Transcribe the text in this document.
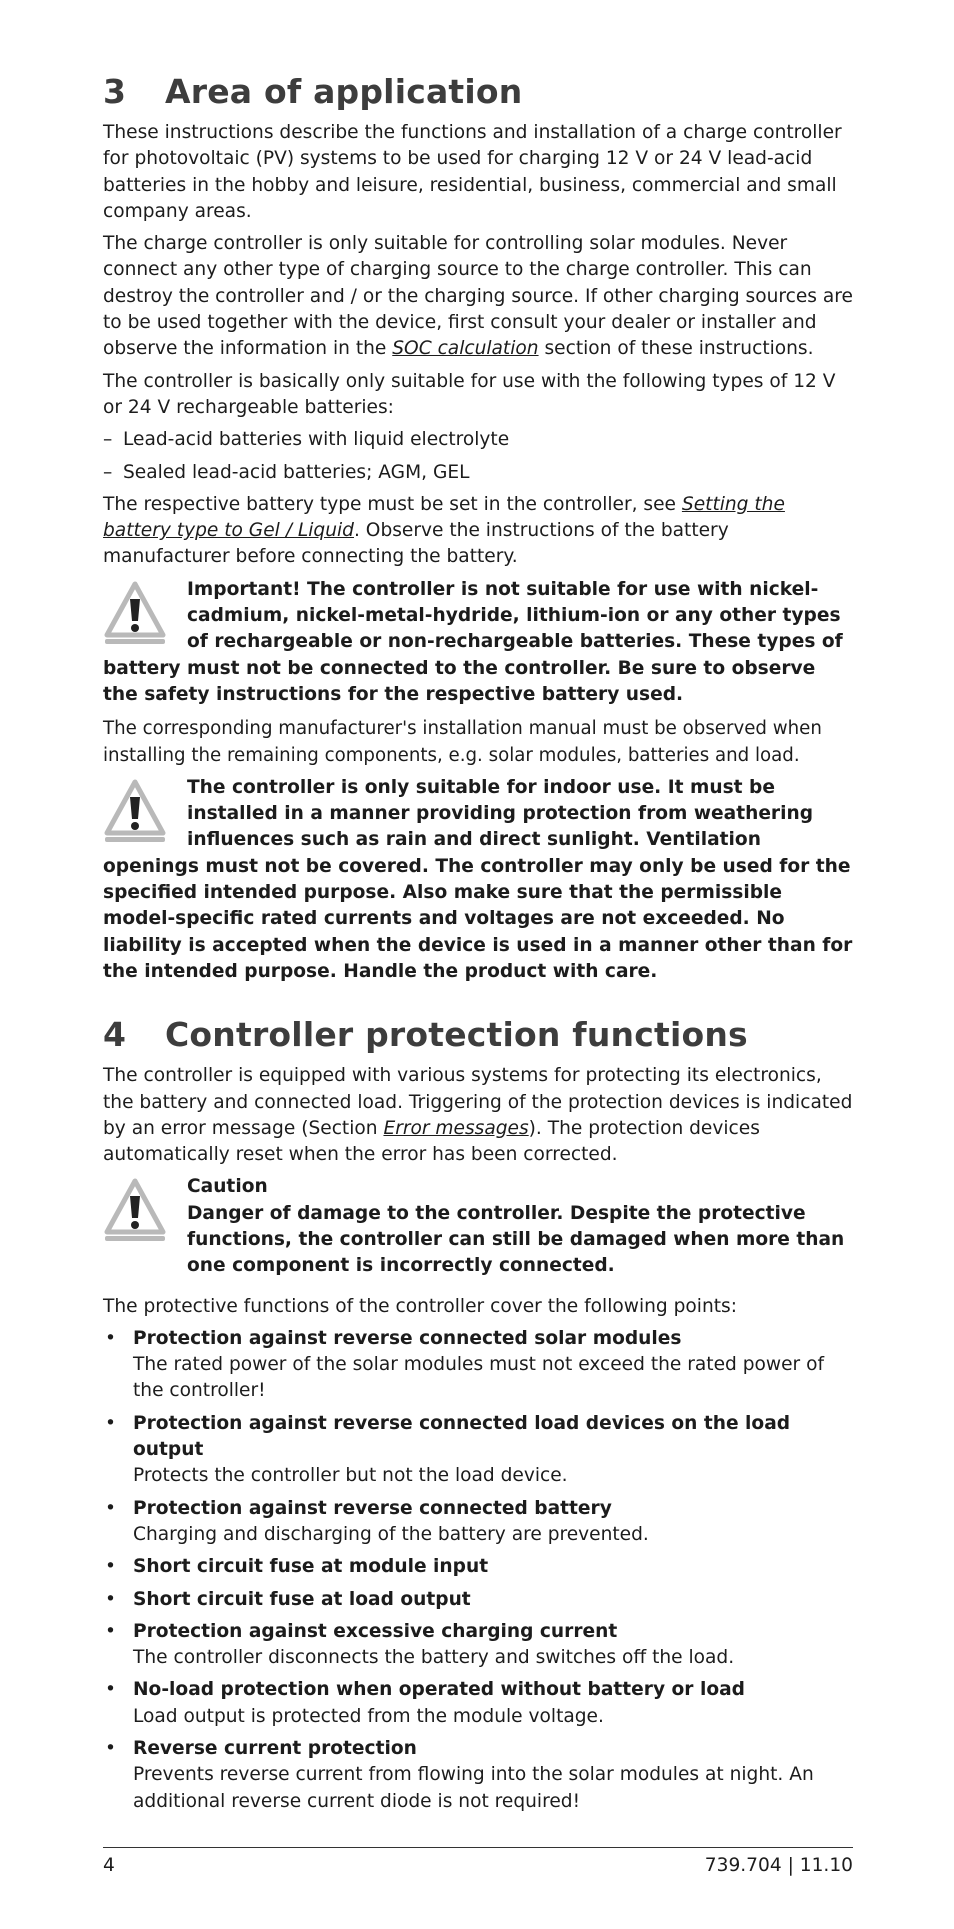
3 Area of application

These instructions describe the functions and installation of a charge controller for photovoltaic (PV) systems to be used for charging 12 V or 24 V lead-acid batteries in the hobby and leisure, residential, business, commercial and small company areas.

The charge controller is only suitable for controlling solar modules. Never connect any other type of charging source to the charge controller. This can destroy the controller and / or the charging source. If other charging sources are to be used together with the device, first consult your dealer or installer and observe the information in the SOC calculation section of these instructions.

The controller is basically only suitable for use with the following types of 12 V or 24 V rechargeable batteries:

– Lead-acid batteries with liquid electrolyte
– Sealed lead-acid batteries; AGM, GEL

The respective battery type must be set in the controller, see Setting the battery type to Gel / Liquid. Observe the instructions of the battery manufacturer before connecting the battery.

Important! The controller is not suitable for use with nickel-cadmium, nickel-metal-hydride, lithium-ion or any other types of rechargeable or non-rechargeable batteries. These types of battery must not be connected to the controller. Be sure to observe the safety instructions for the respective battery used.

The corresponding manufacturer's installation manual must be observed when installing the remaining components, e.g. solar modules, batteries and load.

The controller is only suitable for indoor use. It must be installed in a manner providing protection from weathering influences such as rain and direct sunlight. Ventilation openings must not be covered. The controller may only be used for the specified intended purpose. Also make sure that the permissible model-specific rated currents and voltages are not exceeded. No liability is accepted when the device is used in a manner other than for the intended purpose. Handle the product with care.
4 Controller protection functions

The controller is equipped with various systems for protecting its electronics, the battery and connected load. Triggering of the protection devices is indicated by an error message (Section Error messages). The protection devices automatically reset when the error has been corrected.

Caution
Danger of damage to the controller. Despite the protective functions, the controller can still be damaged when more than one component is incorrectly connected.

The protective functions of the controller cover the following points:

• Protection against reverse connected solar modules
The rated power of the solar modules must not exceed the rated power of the controller!
• Protection against reverse connected load devices on the load output
Protects the controller but not the load device.
• Protection against reverse connected battery
Charging and discharging of the battery are prevented.
• Short circuit fuse at module input
• Short circuit fuse at load output
• Protection against excessive charging current
The controller disconnects the battery and switches off the load.
• No-load protection when operated without battery or load
Load output is protected from the module voltage.
• Reverse current protection
Prevents reverse current from flowing into the solar modules at night. An additional reverse current diode is not required!
4	739.704 | 11.10
